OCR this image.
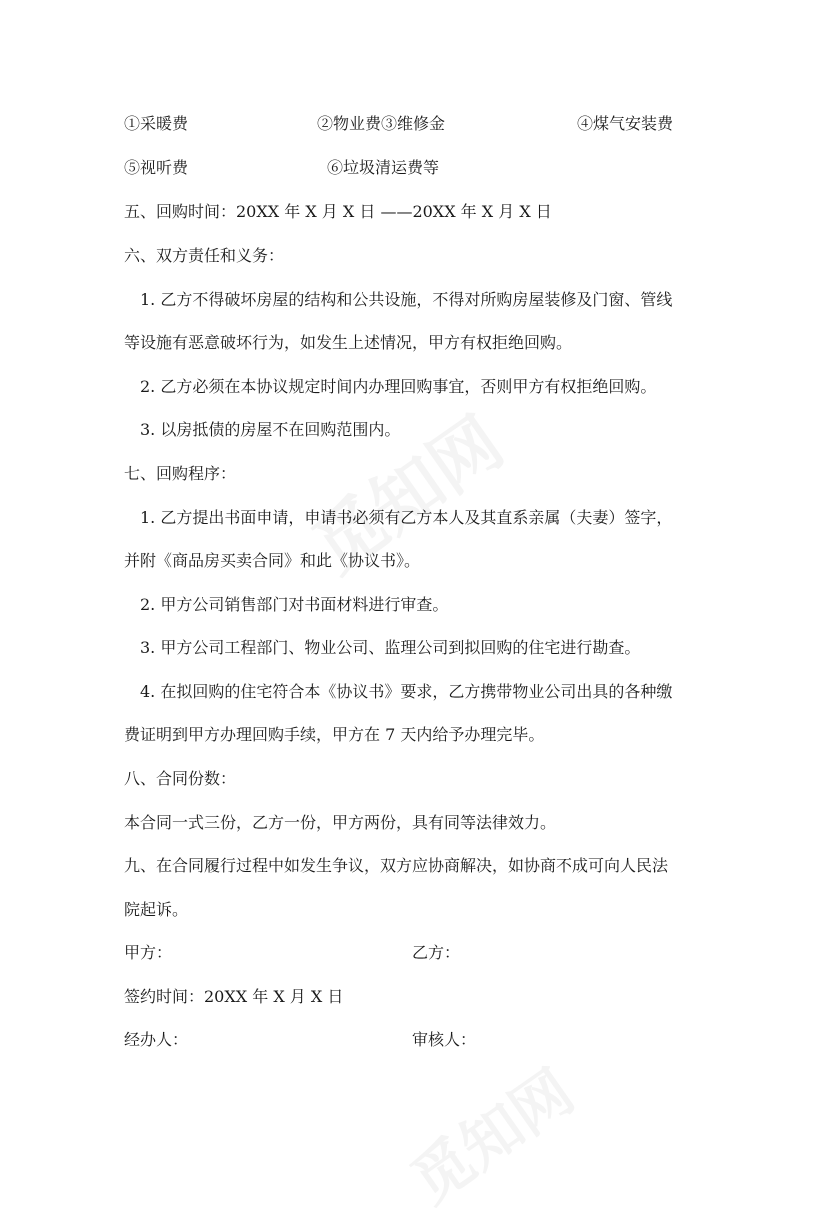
①采暖费	②物业费③维修金	④煤气安装费
⑤视听费	⑥垃圾清运费等
五、回购时间：20XX 年 X 月 X 日 ——20XX 年 X 月 X 日
六、双方责任和义务：
1. 乙方不得破坏房屋的结构和公共设施，不得对所购房屋装修及门窗、管线
等设施有恶意破坏行为，如发生上述情况，甲方有权拒绝回购。
2. 乙方必须在本协议规定时间内办理回购事宜，否则甲方有权拒绝回购。
3. 以房抵债的房屋不在回购范围内。
七、回购程序：
1. 乙方提出书面申请，申请书必须有乙方本人及其直系亲属（夫妻）签字，
并附《商品房买卖合同》和此《协议书》。
2. 甲方公司销售部门对书面材料进行审查。
3. 甲方公司工程部门、物业公司、监理公司到拟回购的住宅进行勘查。
4. 在拟回购的住宅符合本《协议书》要求，乙方携带物业公司出具的各种缴
费证明到甲方办理回购手续，甲方在 7 天内给予办理完毕。
八、合同份数：
本合同一式三份，乙方一份，甲方两份，具有同等法律效力。
九、在合同履行过程中如发生争议，双方应协商解决，如协商不成可向人民法
院起诉。
甲方：	乙方：
签约时间：20XX 年 X 月 X 日
经办人：	审核人：
